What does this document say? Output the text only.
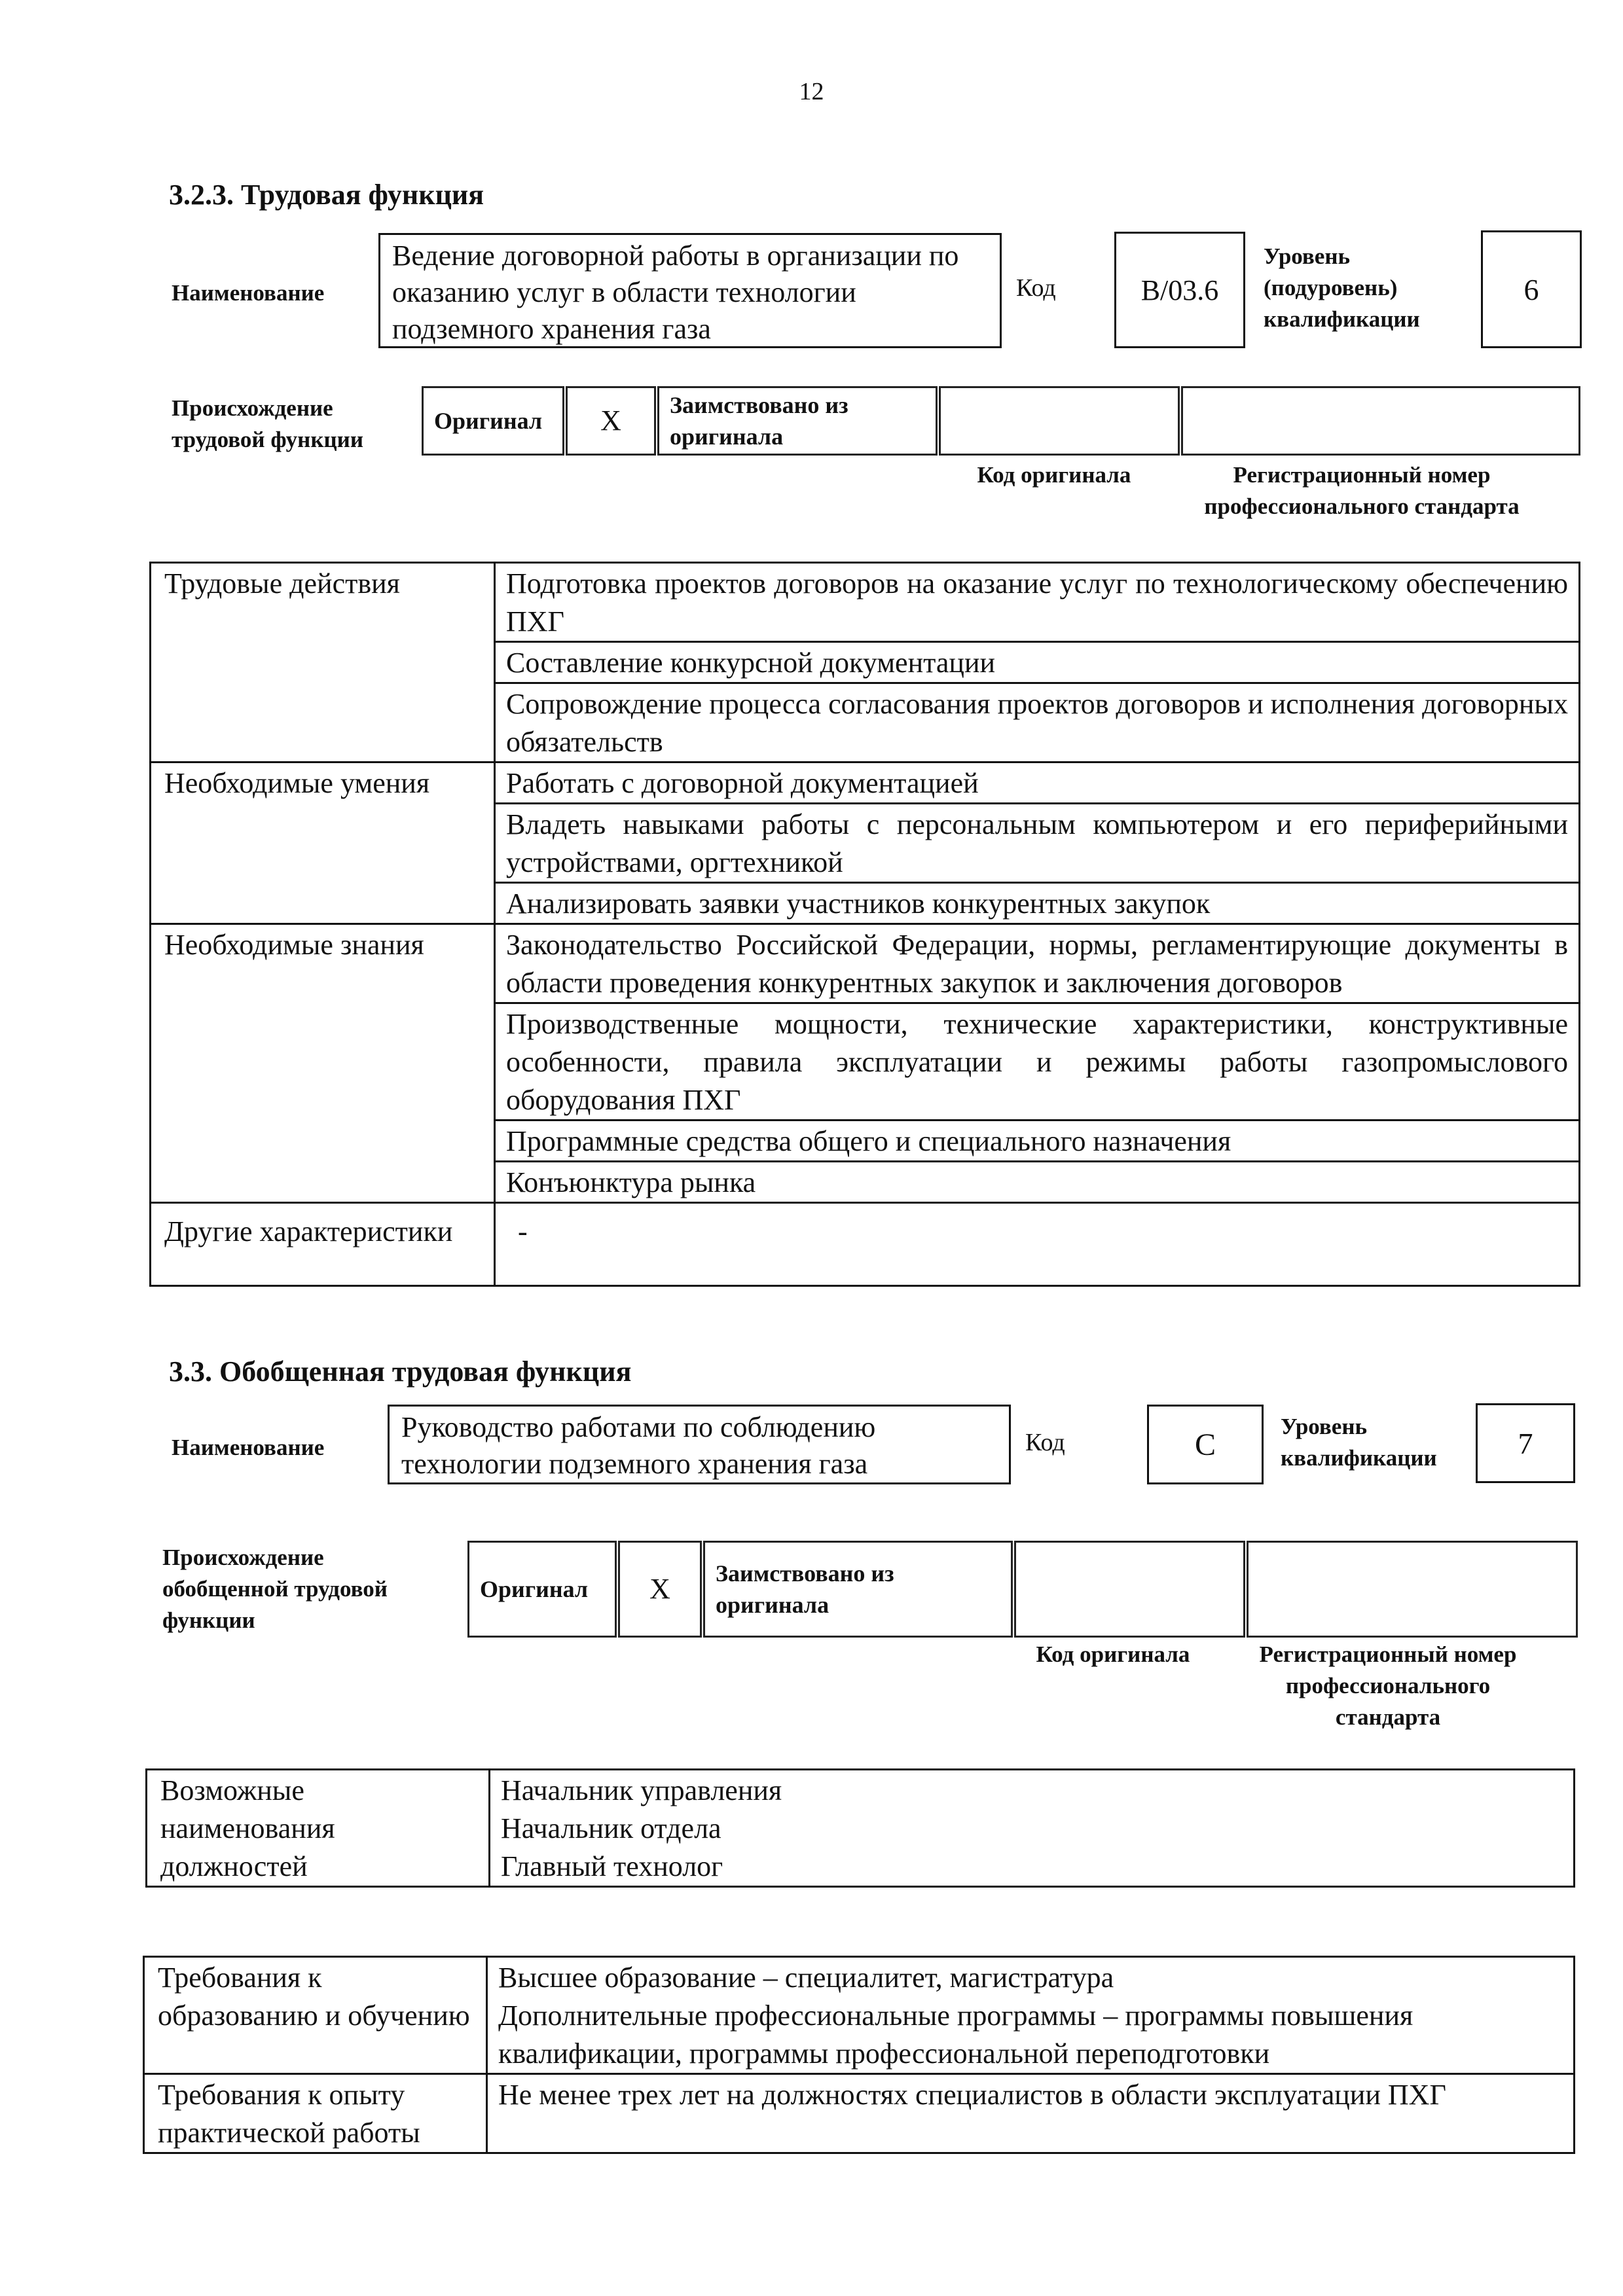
12
3.2.3. Трудовая функция
Наименование
Ведение договорной работы в организации по оказанию услуг в области технологии подземного хранения газа
Код	B/03.6
Уровень (подуровень) квалификации
6
Происхождение трудовой функции
Оригинал	X	Заимствовано из оригинала		
Код оригинала	Регистрационный номер профессионального стандарта
Трудовые действия	Подготовка проектов договоров на оказание услуг по технологическому обеспечению ПХГ
	Составление конкурсной документации
	Сопровождение процесса согласования проектов договоров и исполнения договорных обязательств
Необходимые умения	Работать с договорной документацией
	Владеть навыками работы с персональным компьютером и его периферийными устройствами, оргтехникой
	Анализировать заявки участников конкурентных закупок
Необходимые знания	Законодательство Российской Федерации, нормы, регламентирующие документы в области проведения конкурентных закупок и заключения договоров
	Производственные мощности, технические характеристики, конструктивные особенности, правила эксплуатации и режимы работы газопромыслового оборудования ПХГ
	Программные средства общего и специального назначения
	Конъюнктура рынка
Другие характеристики	-
3.3. Обобщенная трудовая функция
Наименование
Руководство работами по соблюдению технологии подземного хранения газа
Код	C
Уровень квалификации	7
Происхождение обобщенной трудовой функции
Оригинал	X	Заимствовано из оригинала		
Код оригинала	Регистрационный номер профессионального стандарта
Возможные наименования должностей	
Начальник управления
Начальник отдела
Главный технолог
Требования к образованию и обучению	Высшее образование – специалитет, магистратура
Дополнительные профессиональные программы – программы повышения квалификации, программы профессиональной переподготовки

Требования к опыту практической работы	Не менее трех лет на должностях специалистов в области эксплуатации ПХГ
